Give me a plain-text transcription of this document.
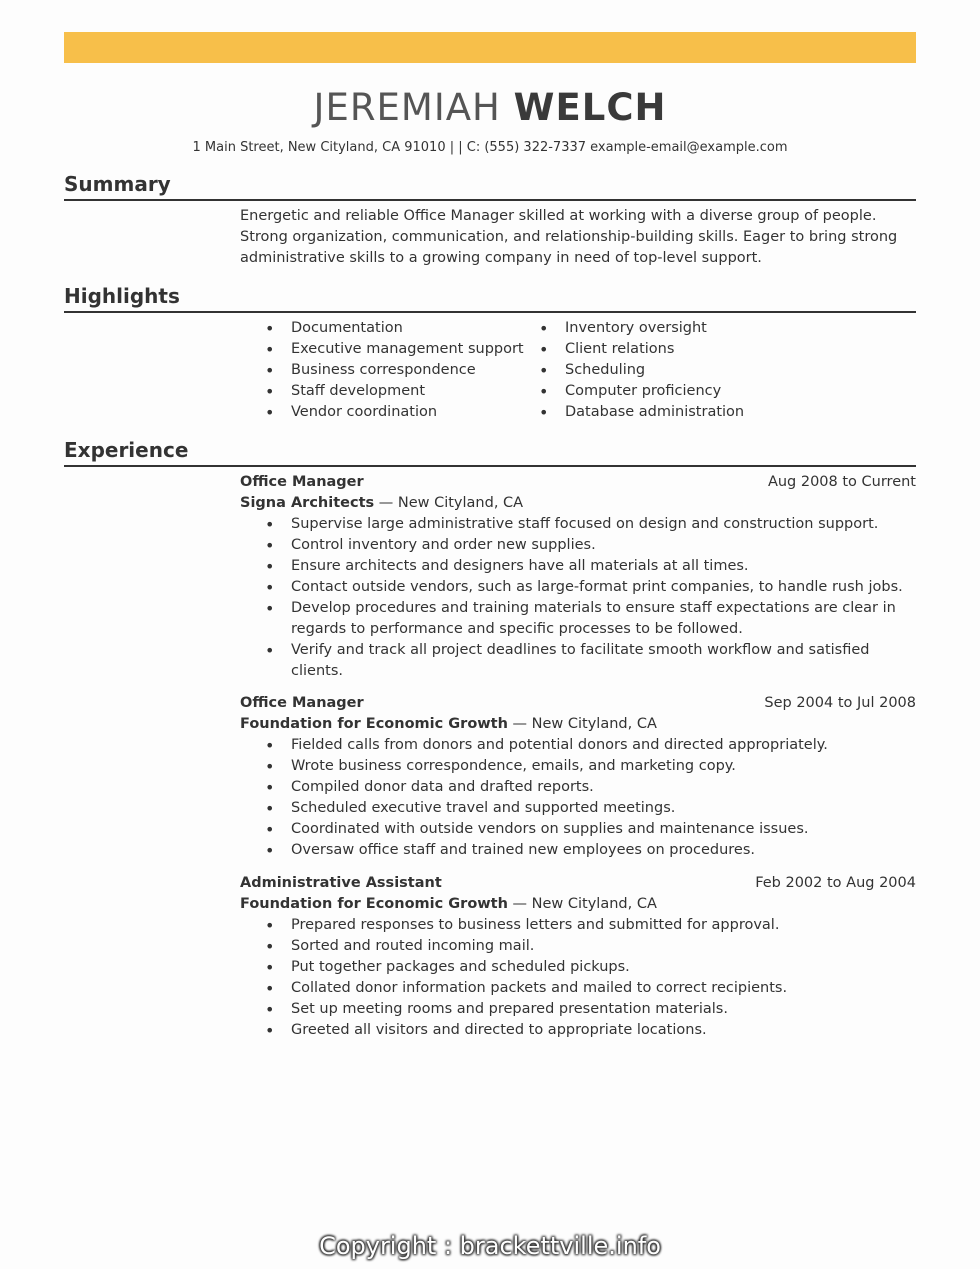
JEREMIAH WELCH
1 Main Street, New Cityland, CA 91010 | | C: (555) 322-7337 example-email@example.com
Summary
Energetic and reliable Office Manager skilled at working with a diverse group of people. Strong organization, communication, and relationship-building skills. Eager to bring strong administrative skills to a growing company in need of top-level support.
Highlights
• Documentation
• Executive management support
• Business correspondence
• Staff development
• Vendor coordination
• Inventory oversight
• Client relations
• Scheduling
• Computer proficiency
• Database administration
Experience
Office Manager	Aug 2008 to Current
Signa Architects — New Cityland, CA
• Supervise large administrative staff focused on design and construction support.
• Control inventory and order new supplies.
• Ensure architects and designers have all materials at all times.
• Contact outside vendors, such as large-format print companies, to handle rush jobs.
• Develop procedures and training materials to ensure staff expectations are clear in regards to performance and specific processes to be followed.
• Verify and track all project deadlines to facilitate smooth workflow and satisfied clients.
Office Manager	Sep 2004 to Jul 2008
Foundation for Economic Growth — New Cityland, CA
• Fielded calls from donors and potential donors and directed appropriately.
• Wrote business correspondence, emails, and marketing copy.
• Compiled donor data and drafted reports.
• Scheduled executive travel and supported meetings.
• Coordinated with outside vendors on supplies and maintenance issues.
• Oversaw office staff and trained new employees on procedures.
Administrative Assistant	Feb 2002 to Aug 2004
Foundation for Economic Growth — New Cityland, CA
• Prepared responses to business letters and submitted for approval.
• Sorted and routed incoming mail.
• Put together packages and scheduled pickups.
• Collated donor information packets and mailed to correct recipients.
• Set up meeting rooms and prepared presentation materials.
• Greeted all visitors and directed to appropriate locations.
Copyright : brackettville.info
